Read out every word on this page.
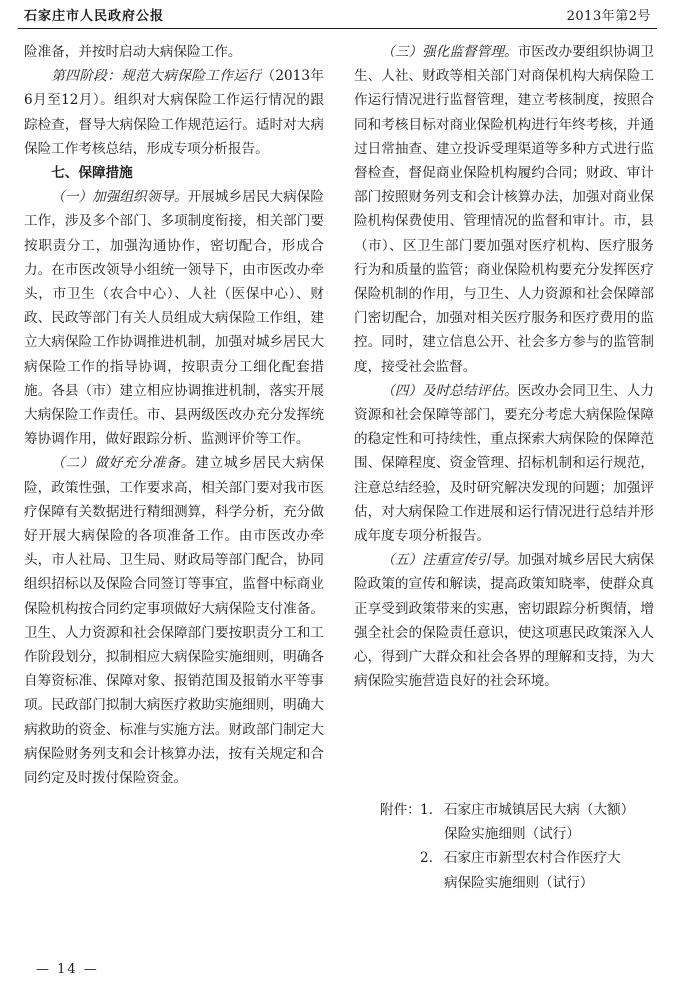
石家庄市人民政府公报	2013年第2号

险准备，并按时启动大病保险工作。

第四阶段：规范大病保险工作运行（2013年6月至12月）。组织对大病保险工作运行情况的跟踪检查，督导大病保险工作规范运行。适时对大病保险工作考核总结，形成专项分析报告。

七、保障措施

（一）加强组织领导。开展城乡居民大病保险工作，涉及多个部门、多项制度衔接，相关部门要按职责分工，加强沟通协作，密切配合，形成合力。在市医改领导小组统一领导下，由市医改办牵头，市卫生（农合中心）、人社（医保中心）、财政、民政等部门有关人员组成大病保险工作组，建立大病保险工作协调推进机制，加强对城乡居民大病保险工作的指导协调，按职责分工细化配套措施。各县（市）建立相应协调推进机制，落实开展大病保险工作责任。市、县两级医改办充分发挥统筹协调作用，做好跟踪分析、监测评价等工作。

（二）做好充分准备。建立城乡居民大病保险，政策性强，工作要求高，相关部门要对我市医疗保障有关数据进行精细测算，科学分析，充分做好开展大病保险的各项准备工作。由市医改办牵头，市人社局、卫生局、财政局等部门配合，协同组织招标以及保险合同签订等事宜，监督中标商业保险机构按合同约定事项做好大病保险支付准备。卫生、人力资源和社会保障部门要按职责分工和工作阶段划分，拟制相应大病保险实施细则，明确各自筹资标准、保障对象、报销范围及报销水平等事项。民政部门拟制大病医疗救助实施细则，明确大病救助的资金、标准与实施方法。财政部门制定大病保险财务列支和会计核算办法，按有关规定和合同约定及时拨付保险资金。

（三）强化监督管理。市医改办要组织协调卫生、人社、财政等相关部门对商保机构大病保险工作运行情况进行监督管理，建立考核制度，按照合同和考核目标对商业保险机构进行年终考核，并通过日常抽查、建立投诉受理渠道等多种方式进行监督检查，督促商业保险机构履约合同；财政、审计部门按照财务列支和会计核算办法，加强对商业保险机构保费使用、管理情况的监督和审计。市，县（市）、区卫生部门要加强对医疗机构、医疗服务行为和质量的监管；商业保险机构要充分发挥医疗保险机制的作用，与卫生、人力资源和社会保障部门密切配合，加强对相关医疗服务和医疗费用的监控。同时，建立信息公开、社会多方参与的监管制度，接受社会监督。

（四）及时总结评估。医改办会同卫生、人力资源和社会保障等部门，要充分考虑大病保险保障的稳定性和可持续性，重点探索大病保险的保障范围、保障程度、资金管理、招标机制和运行规范，注意总结经验，及时研究解决发现的问题；加强评估，对大病保险工作进展和运行情况进行总结并形成年度专项分析报告。

（五）注重宣传引导。加强对城乡居民大病保险政策的宣传和解读，提高政策知晓率，使群众真正享受到政策带来的实惠，密切跟踪分析舆情，增强全社会的保险责任意识，使这项惠民政策深入人心，得到广大群众和社会各界的理解和支持，为大病保险实施营造良好的社会环境。

附件： 1. 石家庄市城镇居民大病（大额）
保险实施细则（试行）
2. 石家庄市新型农村合作医疗大
病保险实施细则（试行）
— 14 —
